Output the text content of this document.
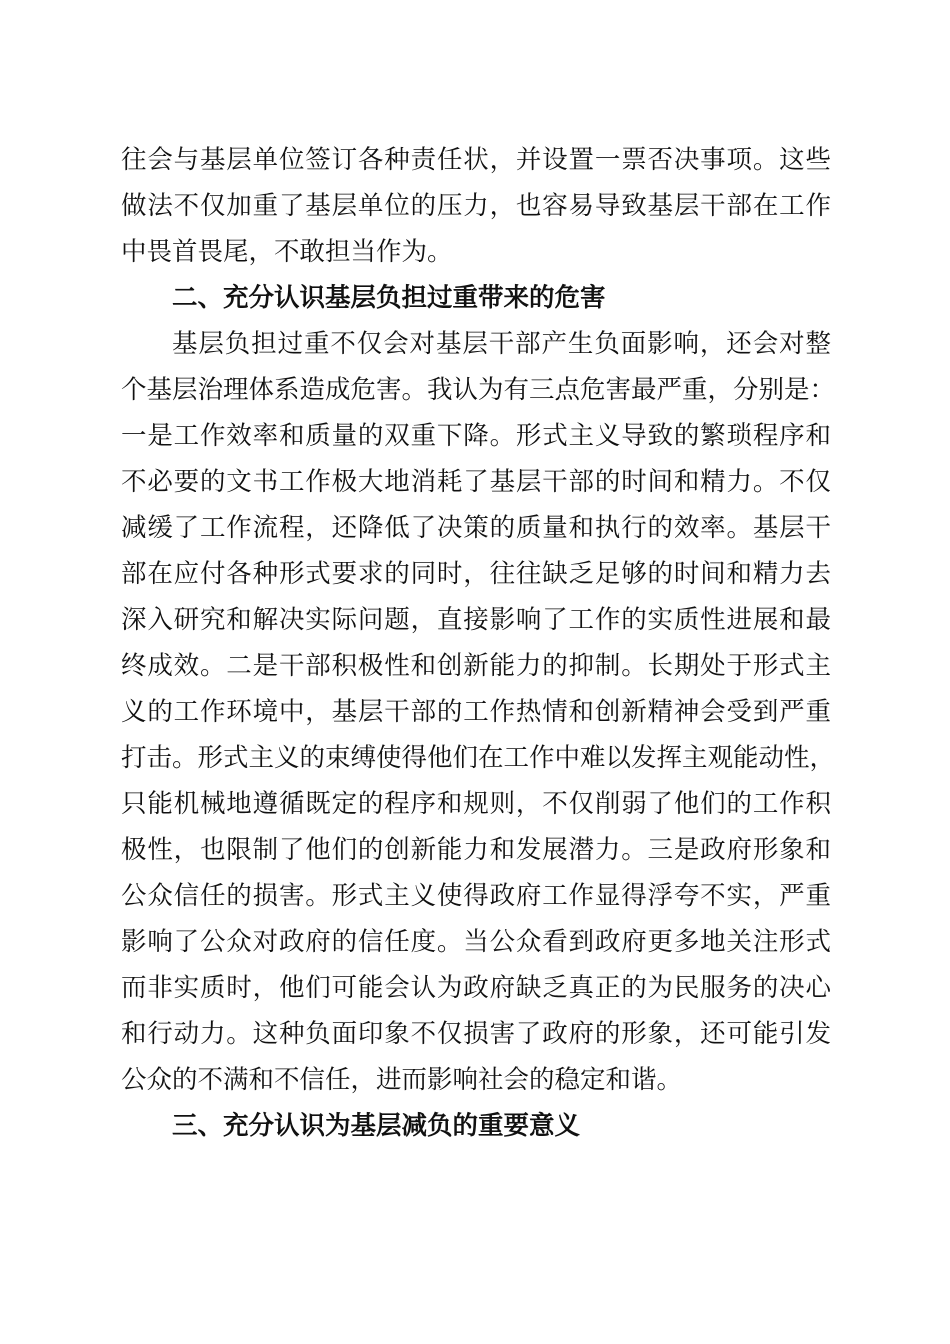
往会与基层单位签订各种责任状，并设置一票否决事项。这些

做法不仅加重了基层单位的压力，也容易导致基层干部在工作

中畏首畏尾，不敢担当作为。

二、充分认识基层负担过重带来的危害

基层负担过重不仅会对基层干部产生负面影响，还会对整

个基层治理体系造成危害。我认为有三点危害最严重，分别是：

一是工作效率和质量的双重下降。形式主义导致的繁琐程序和

不必要的文书工作极大地消耗了基层干部的时间和精力。不仅

减缓了工作流程，还降低了决策的质量和执行的效率。基层干

部在应付各种形式要求的同时，往往缺乏足够的时间和精力去

深入研究和解决实际问题，直接影响了工作的实质性进展和最

终成效。二是干部积极性和创新能力的抑制。长期处于形式主

义的工作环境中，基层干部的工作热情和创新精神会受到严重

打击。形式主义的束缚使得他们在工作中难以发挥主观能动性，

只能机械地遵循既定的程序和规则，不仅削弱了他们的工作积

极性，也限制了他们的创新能力和发展潜力。三是政府形象和

公众信任的损害。形式主义使得政府工作显得浮夸不实，严重

影响了公众对政府的信任度。当公众看到政府更多地关注形式

而非实质时，他们可能会认为政府缺乏真正的为民服务的决心

和行动力。这种负面印象不仅损害了政府的形象，还可能引发

公众的不满和不信任，进而影响社会的稳定和谐。

三、充分认识为基层减负的重要意义
